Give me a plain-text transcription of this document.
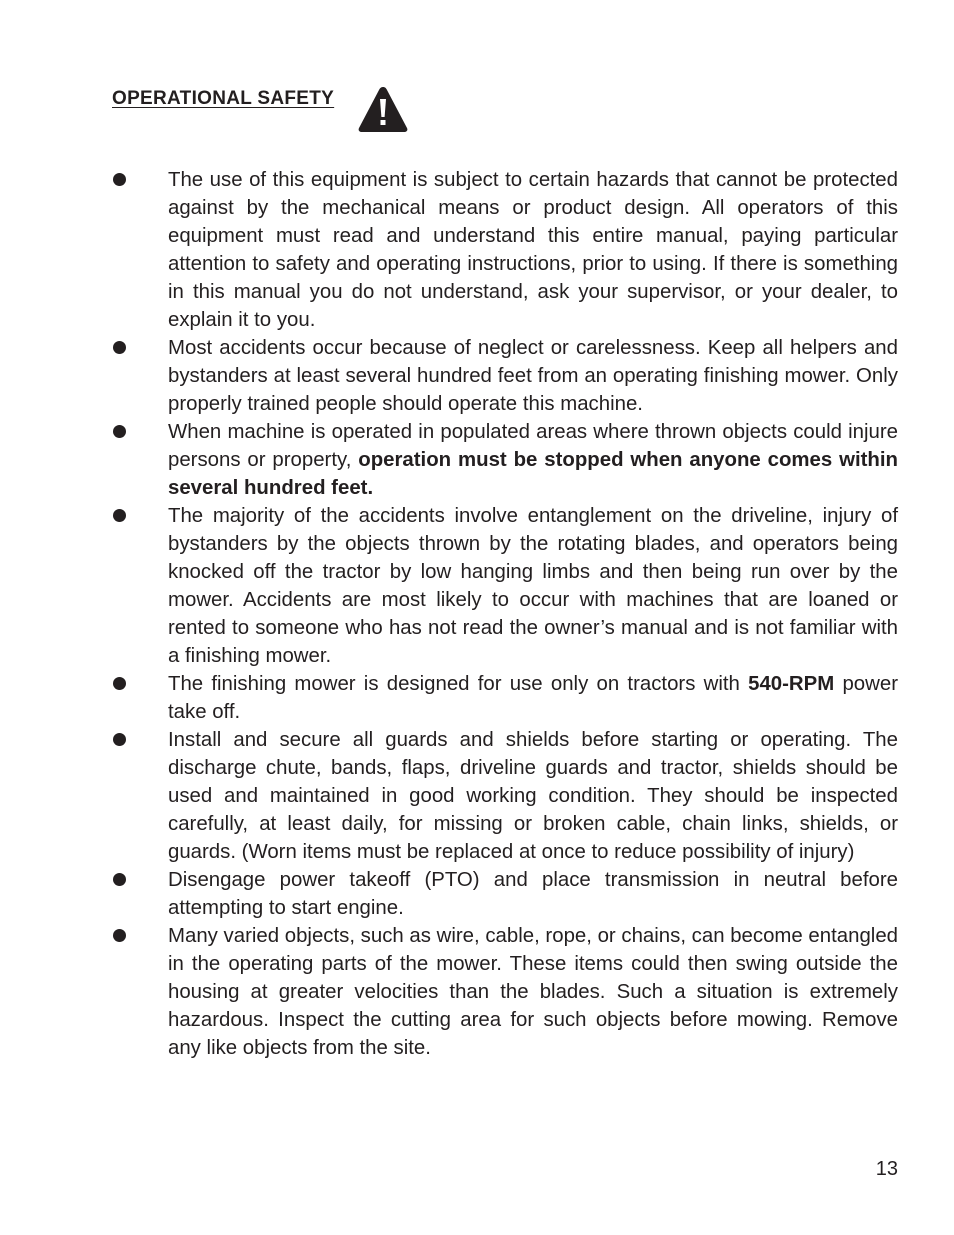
OPERATIONAL SAFETY
The use of this equipment is subject to certain hazards that cannot be protected against by the mechanical means or product design. All operators of this equipment must read and understand this entire manual, paying particular attention to safety and operating instructions, prior to using. If there is something in this manual you do not understand, ask your supervisor, or your dealer, to explain it to you.
Most accidents occur because of neglect or carelessness. Keep all helpers and bystanders at least several hundred feet from an operating finishing mower. Only properly trained people should operate this machine.
When machine is operated in populated areas where thrown objects could injure persons or property, operation must be stopped when anyone comes within several hundred feet.
The majority of the accidents involve entanglement on the driveline, injury of bystanders by the objects thrown by the rotating blades, and operators being knocked off the tractor by low hanging limbs and then being run over by the mower. Accidents are most likely to occur with machines that are loaned or rented to someone who has not read the owner’s manual and is not familiar with a finishing mower.
The finishing mower is designed for use only on tractors with 540-RPM power take off.
Install and secure all guards and shields before starting or operating. The discharge chute, bands, flaps, driveline guards and tractor, shields should be used and maintained in good working condition. They should be inspected carefully, at least daily, for missing or broken cable, chain links, shields, or guards. (Worn items must be replaced at once to reduce possibility of injury)
Disengage power takeoff (PTO) and place transmission in neutral before attempting to start engine.
Many varied objects, such as wire, cable, rope, or chains, can become entangled in the operating parts of the mower. These items could then swing outside the housing at greater velocities than the blades. Such a situation is extremely hazardous. Inspect the cutting area for such objects before mowing. Remove any like objects from the site.

13
